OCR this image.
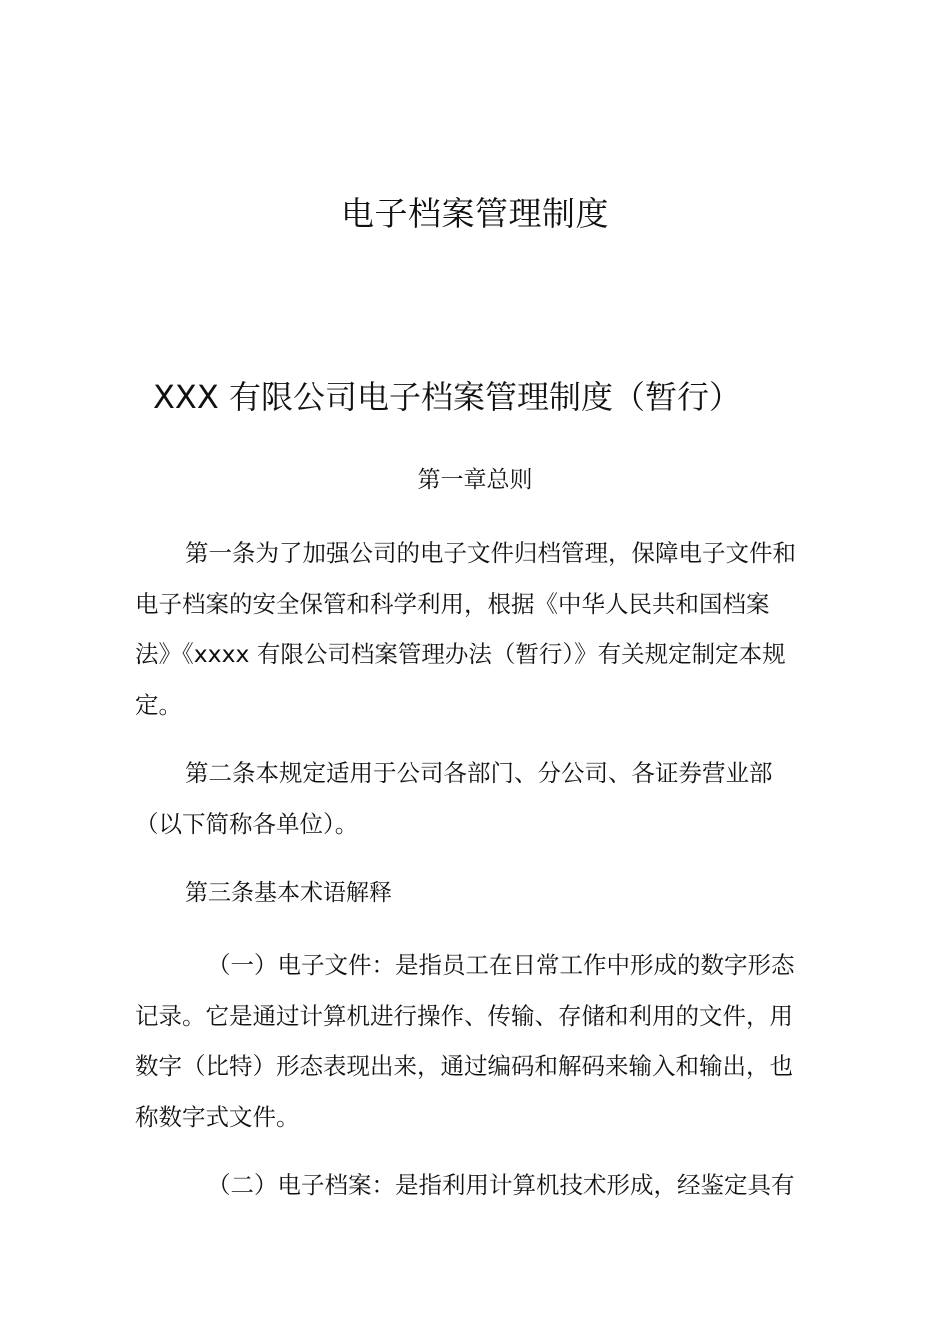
电子档案管理制度
XXX 有限公司电子档案管理制度（暂行）
第一章总则
第一条为了加强公司的电子文件归档管理，保障电子文件和
电子档案的安全保管和科学利用，根据《中华人民共和国档案
法》《xxxx 有限公司档案管理办法（暂行）》有关规定制定本规
定。
第二条本规定适用于公司各部门、分公司、各证券营业部
（以下简称各单位）。
第三条基本术语解释
（一）电子文件：是指员工在日常工作中形成的数字形态
记录。它是通过计算机进行操作、传输、存储和利用的文件，用
数字（比特）形态表现出来，通过编码和解码来输入和输出，也
称数字式文件。
（二）电子档案：是指利用计算机技术形成，经鉴定具有
